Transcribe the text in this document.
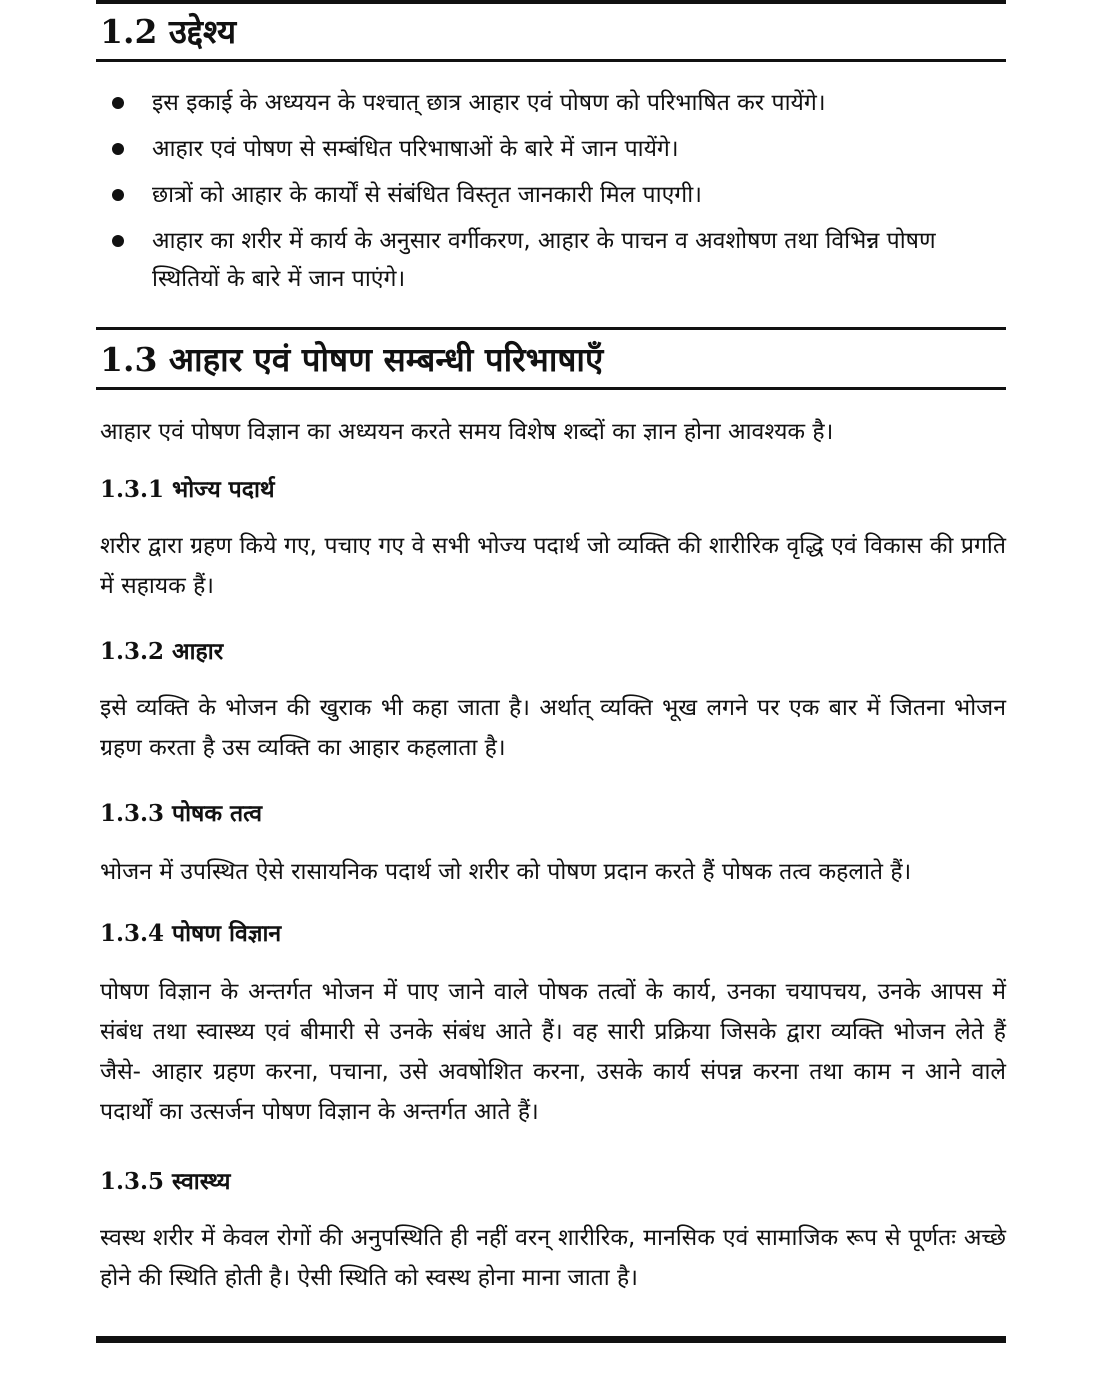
1.2 उद्देश्य
इस इकाई के अध्ययन के पश्चात् छात्र आहार एवं पोषण को परिभाषित कर पायेंगे।
आहार एवं पोषण से सम्बंधित परिभाषाओं के बारे में जान पायेंगे।
छात्रों को आहार के कार्यों से संबंधित विस्तृत जानकारी मिल पाएगी।
आहार का शरीर में कार्य के अनुसार वर्गीकरण, आहार के पाचन व अवशोषण तथा विभिन्न पोषण स्थितियों के बारे में जान पाएंगे।
1.3 आहार एवं पोषण सम्बन्धी परिभाषाएँ

आहार एवं पोषण विज्ञान का अध्ययन करते समय विशेष शब्दों का ज्ञान होना आवश्यक है।

1.3.1 भोज्य पदार्थ

शरीर द्वारा ग्रहण किये गए, पचाए गए वे सभी भोज्य पदार्थ जो व्यक्ति की शारीरिक वृद्धि एवं विकास की प्रगति में सहायक हैं।

1.3.2 आहार

इसे व्यक्ति के भोजन की खुराक भी कहा जाता है। अर्थात् व्यक्ति भूख लगने पर एक बार में जितना भोजन ग्रहण करता है उस व्यक्ति का आहार कहलाता है।

1.3.3 पोषक तत्व

भोजन में उपस्थित ऐसे रासायनिक पदार्थ जो शरीर को पोषण प्रदान करते हैं पोषक तत्व कहलाते हैं।

1.3.4 पोषण विज्ञान

पोषण विज्ञान के अन्तर्गत भोजन में पाए जाने वाले पोषक तत्वों के कार्य, उनका चयापचय, उनके आपस में संबंध तथा स्वास्थ्य एवं बीमारी से उनके संबंध आते हैं। वह सारी प्रक्रिया जिसके द्वारा व्यक्ति भोजन लेते हैं जैसे- आहार ग्रहण करना, पचाना, उसे अवषोशित करना, उसके कार्य संपन्न करना तथा काम न आने वाले पदार्थों का उत्सर्जन पोषण विज्ञान के अन्तर्गत आते हैं।

1.3.5 स्वास्थ्य

स्वस्थ शरीर में केवल रोगों की अनुपस्थिति ही नहीं वरन् शारीरिक, मानसिक एवं सामाजिक रूप से पूर्णतः अच्छे होने की स्थिति होती है। ऐसी स्थिति को स्वस्थ होना माना जाता है।
